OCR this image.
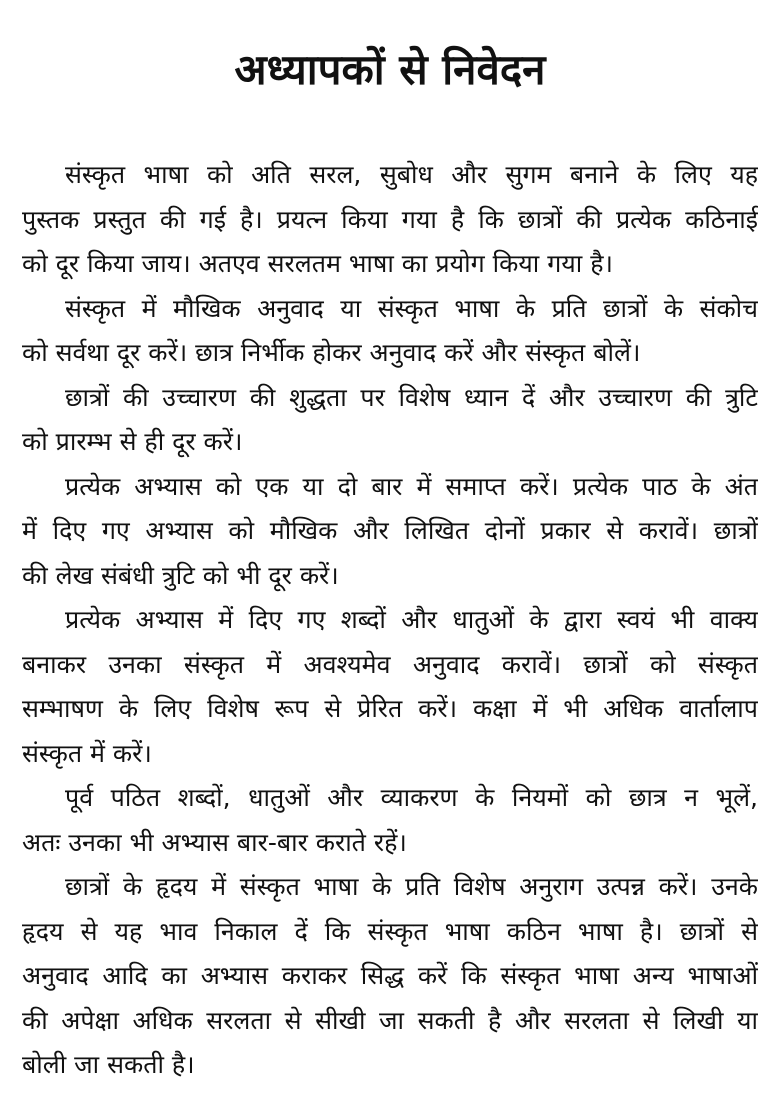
अध्यापकों से निवेदन
संस्कृत भाषा को अति सरल, सुबोध और सुगम बनाने के लिए यह
पुस्तक प्रस्तुत की गई है। प्रयत्न किया गया है कि छात्रों की प्रत्येक कठिनाई
को दूर किया जाय। अतएव सरलतम भाषा का प्रयोग किया गया है।
संस्कृत में मौखिक अनुवाद या संस्कृत भाषा के प्रति छात्रों के संकोच
को सर्वथा दूर करें। छात्र निर्भीक होकर अनुवाद करें और संस्कृत बोलें।
छात्रों की उच्चारण की शुद्धता पर विशेष ध्यान दें और उच्चारण की त्रुटि
को प्रारम्भ से ही दूर करें।
प्रत्येक अभ्यास को एक या दो बार में समाप्त करें। प्रत्येक पाठ के अंत
में दिए गए अभ्यास को मौखिक और लिखित दोनों प्रकार से करावें। छात्रों
की लेख संबंधी त्रुटि को भी दूर करें।
प्रत्येक अभ्यास में दिए गए शब्दों और धातुओं के द्वारा स्वयं भी वाक्य
बनाकर उनका संस्कृत में अवश्यमेव अनुवाद करावें। छात्रों को संस्कृत
सम्भाषण के लिए विशेष रूप से प्रेरित करें। कक्षा में भी अधिक वार्तालाप
संस्कृत में करें।
पूर्व पठित शब्दों, धातुओं और व्याकरण के नियमों को छात्र न भूलें,
अतः उनका भी अभ्यास बार-बार कराते रहें।
छात्रों के हृदय में संस्कृत भाषा के प्रति विशेष अनुराग उत्पन्न करें। उनके
हृदय से यह भाव निकाल दें कि संस्कृत भाषा कठिन भाषा है। छात्रों से
अनुवाद आदि का अभ्यास कराकर सिद्ध करें कि संस्कृत भाषा अन्य भाषाओं
की अपेक्षा अधिक सरलता से सीखी जा सकती है और सरलता से लिखी या
बोली जा सकती है।
